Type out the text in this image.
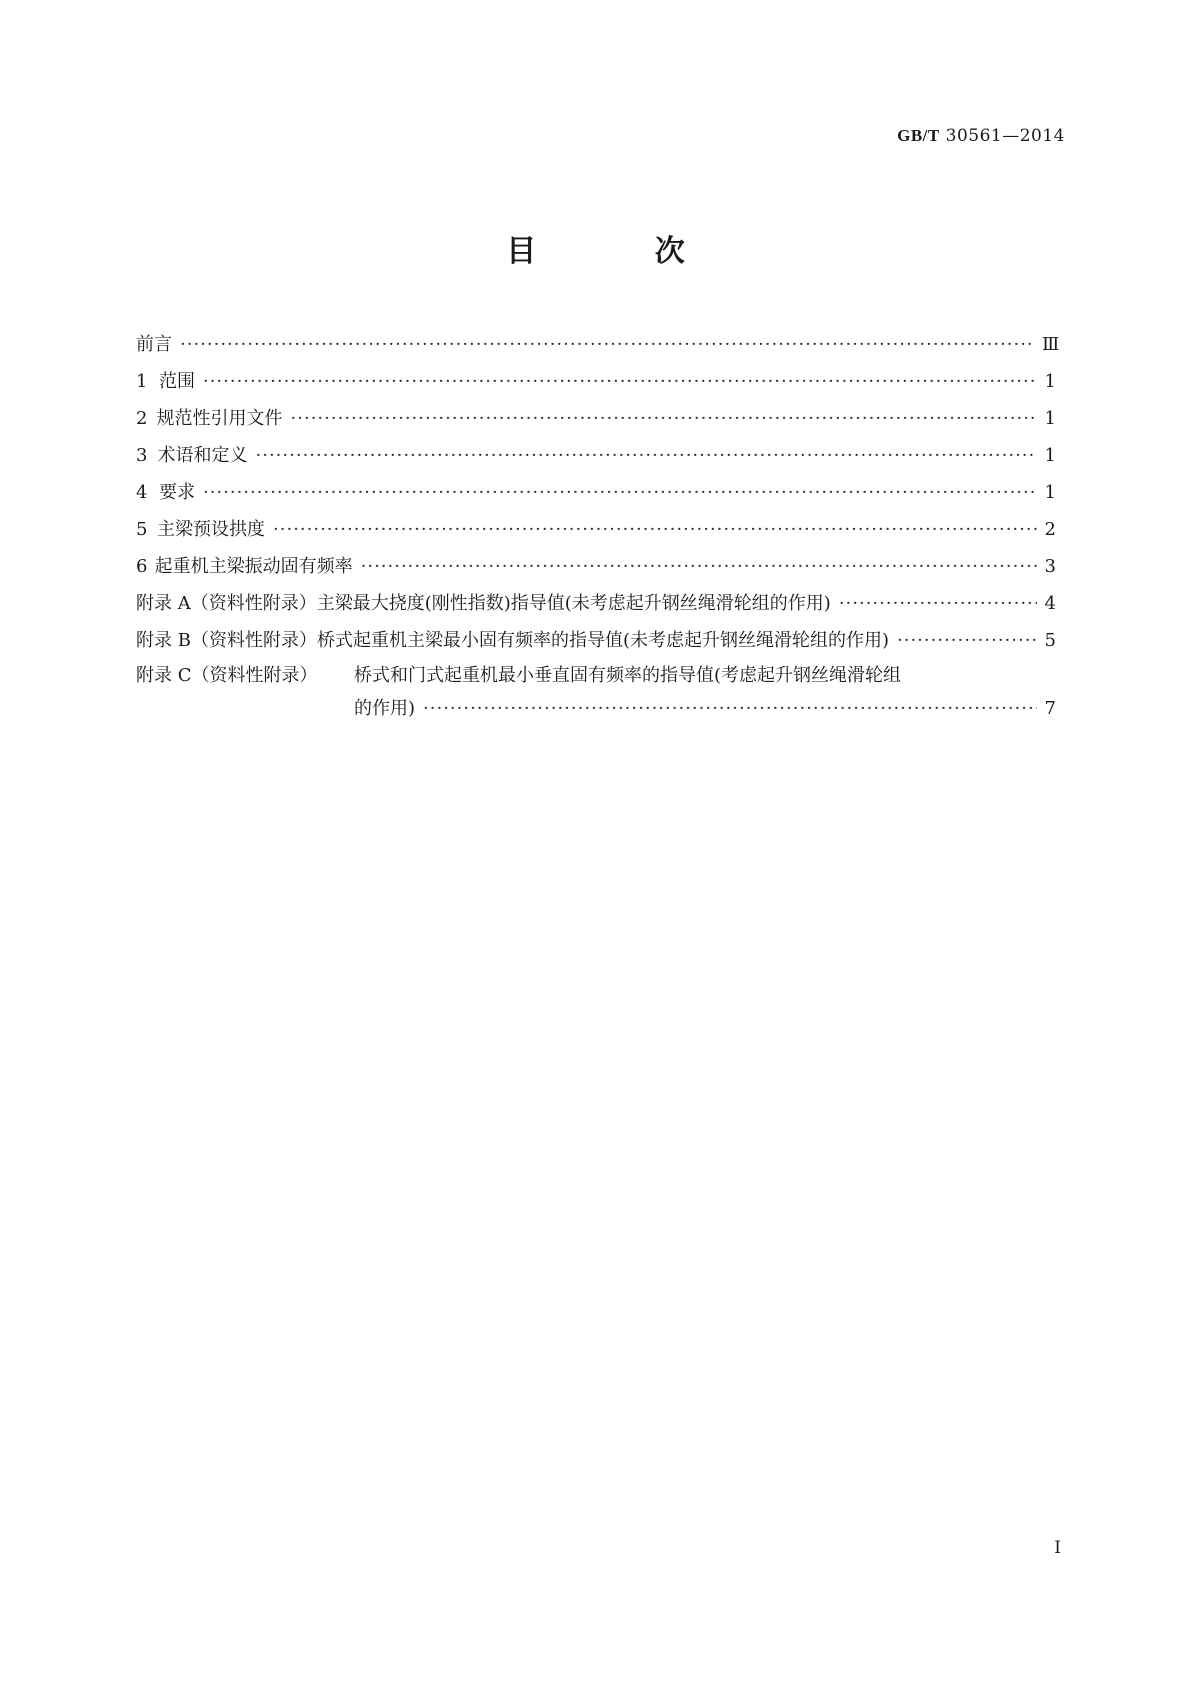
GB/T 30561—2014
目 次
前言 ·····	Ⅲ
1 范围 ·····	1
2 规范性引用文件 ·····	1
3 术语和定义 ·····	1
4 要求 ·····	1
5 主梁预设拱度 ·····	2
6 起重机主梁振动固有频率 ·····	3
附录 A（资料性附录） 主梁最大挠度(刚性指数)指导值(未考虑起升钢丝绳滑轮组的作用) ·····	4
附录 B（资料性附录） 桥式起重机主梁最小固有频率的指导值(未考虑起升钢丝绳滑轮组的作用) ·····	5
附录 C（资料性附录）	桥式和门式起重机最小垂直固有频率的指导值(考虑起升钢丝绳滑轮组
的作用) ·····	7
I
